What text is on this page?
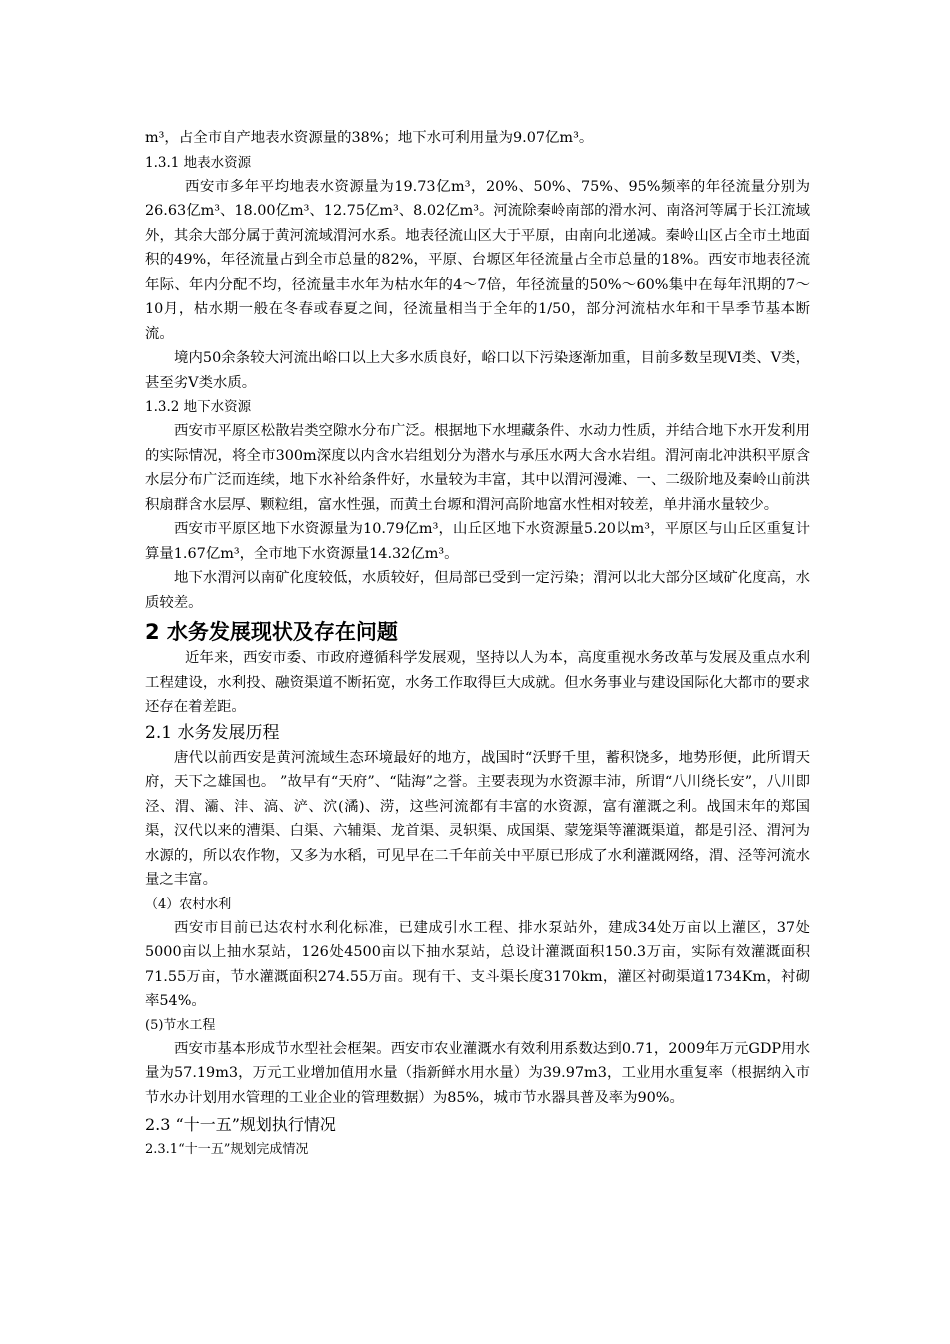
m³，占全市自产地表水资源量的38%；地下水可利用量为9.07亿m³。

1.3.1 地表水资源

西安市多年平均地表水资源量为19.73亿m³，20%、50%、75%、95%频率的年径流量分别为26.63亿m³、18.00亿m³、12.75亿m³、8.02亿m³。河流除秦岭南部的滑水河、南洛河等属于长江流域外，其余大部分属于黄河流域渭河水系。地表径流山区大于平原，由南向北递减。秦岭山区占全市土地面积的49%，年径流量占到全市总量的82%，平原、台塬区年径流量占全市总量的18%。西安市地表径流年际、年内分配不均，径流量丰水年为枯水年的4～7倍，年径流量的50%～60%集中在每年汛期的7～10月，枯水期一般在冬春或春夏之间，径流量相当于全年的1/50，部分河流枯水年和干旱季节基本断流。

境内50余条较大河流出峪口以上大多水质良好，峪口以下污染逐渐加重，目前多数呈现Ⅵ类、Ⅴ类，甚至劣Ⅴ类水质。

1.3.2 地下水资源

西安市平原区松散岩类空隙水分布广泛。根据地下水埋藏条件、水动力性质，并结合地下水开发利用的实际情况，将全市300m深度以内含水岩组划分为潜水与承压水两大含水岩组。渭河南北冲洪积平原含水层分布广泛而连续，地下水补给条件好，水量较为丰富，其中以渭河漫滩、一、二级阶地及秦岭山前洪积扇群含水层厚、颗粒组，富水性强，而黄土台塬和渭河高阶地富水性相对较差，单井涌水量较少。

西安市平原区地下水资源量为10.79亿m³，山丘区地下水资源量5.20以m³，平原区与山丘区重复计算量1.67亿m³，全市地下水资源量14.32亿m³。

地下水渭河以南矿化度较低，水质较好，但局部已受到一定污染；渭河以北大部分区域矿化度高，水质较差。

2 水务发展现状及存在问题

近年来，西安市委、市政府遵循科学发展观，坚持以人为本，高度重视水务改革与发展及重点水利工程建设，水利投、融资渠道不断拓宽，水务工作取得巨大成就。但水务事业与建设国际化大都市的要求还存在着差距。

2.1 水务发展历程

唐代以前西安是黄河流域生态环境最好的地方，战国时“沃野千里，蓄积饶多，地势形便，此所谓天府，天下之雄国也。 ”故早有“天府”、“陆海”之誉。主要表现为水资源丰沛，所谓“八川绕长安”，八川即泾、渭、灞、沣、滈、浐、泬(潏)、涝，这些河流都有丰富的水资源，富有灌溉之利。战国末年的郑国渠，汉代以来的漕渠、白渠、六辅渠、龙首渠、灵轵渠、成国渠、蒙笼渠等灌溉渠道，都是引泾、渭河为水源的，所以农作物，又多为水稻，可见早在二千年前关中平原已形成了水利灌溉网络，渭、泾等河流水量之丰富。

（4）农村水利

西安市目前已达农村水利化标准，已建成引水工程、排水泵站外，建成34处万亩以上灌区，37处5000亩以上抽水泵站，126处4500亩以下抽水泵站，总设计灌溉面积150.3万亩，实际有效灌溉面积71.55万亩，节水灌溉面积274.55万亩。现有干、支斗渠长度3170km，灌区衬砌渠道1734Km，衬砌率54%。

(5)节水工程

西安市基本形成节水型社会框架。西安市农业灌溉水有效利用系数达到0.71，2009年万元GDP用水量为57.19m3，万元工业增加值用水量（指新鲜水用水量）为39.97m3，工业用水重复率（根据纳入市节水办计划用水管理的工业企业的管理数据）为85%，城市节水器具普及率为90%。

2.3 “十一五”规划执行情况

2.3.1“十一五”规划完成情况
